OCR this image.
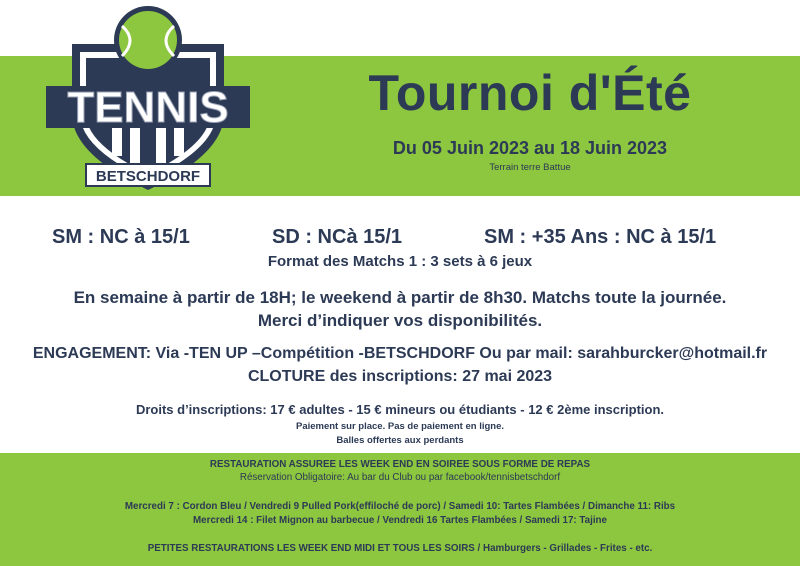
TENNIS
BETSCHDORF
Tournoi d'Été
Du 05 Juin 2023 au 18 Juin 2023
Terrain terre Battue
SM : NC à 15/1	SD : NCà 15/1	SM : +35 Ans : NC à 15/1
Format des Matchs 1 : 3 sets à 6 jeux
En semaine à partir de 18H; le weekend à partir de 8h30. Matchs toute la journée.
Merci d’indiquer vos disponibilités.
ENGAGEMENT: Via -TEN UP –Compétition -BETSCHDORF Ou par mail: sarahburcker@hotmail.fr
CLOTURE des inscriptions: 27 mai 2023
Droits d’inscriptions: 17 € adultes - 15 € mineurs ou étudiants - 12 € 2ème inscription.
Paiement sur place. Pas de paiement en ligne.
Balles offertes aux perdants
RESTAURATION ASSUREE LES WEEK END EN SOIREE SOUS FORME DE REPAS
Réservation Obligatoire: Au bar du Club ou par facebook/tennisbetschdorf
Mercredi 7 : Cordon Bleu / Vendredi 9 Pulled Pork(effiloché de porc) / Samedi 10: Tartes Flambées / Dimanche 11: Ribs
Mercredi 14 : Filet Mignon au barbecue / Vendredi 16 Tartes Flambées / Samedi 17: Tajine
PETITES RESTAURATIONS LES WEEK END MIDI ET TOUS LES SOIRS / Hamburgers - Grillades - Frites - etc.
